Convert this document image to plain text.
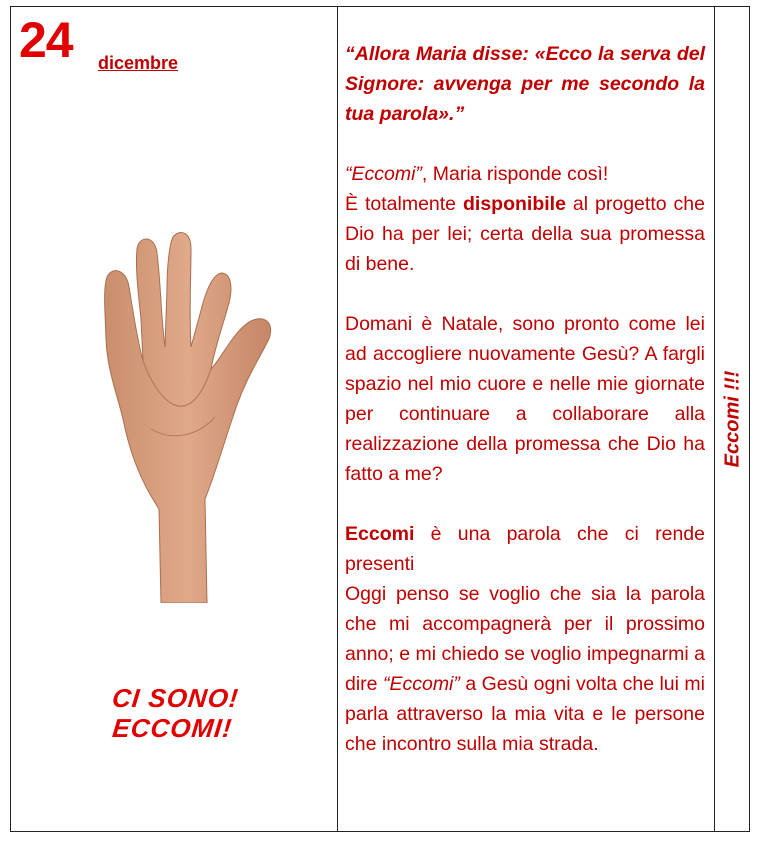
24 dicembre
CI SONO!
ECCOMI!

“Allora Maria disse: «Ecco la serva del Signore: avvenga per me secondo la tua parola».”

“Eccomi”, Maria risponde così!
È totalmente disponibile al progetto che Dio ha per lei; certa della sua promessa di bene.

Domani è Natale, sono pronto come lei ad accogliere nuovamente Gesù? A fargli spazio nel mio cuore e nelle mie giornate per continuare a collaborare alla realizzazione della promessa che Dio ha fatto a me?

Eccomi è una parola che ci rende presenti
Oggi penso se voglio che sia la parola che mi accompagnerà per il prossimo anno; e mi chiedo se voglio impegnarmi a dire “Eccomi” a Gesù ogni volta che lui mi parla attraverso la mia vita e le persone che incontro sulla mia strada.

Eccomi !!!
